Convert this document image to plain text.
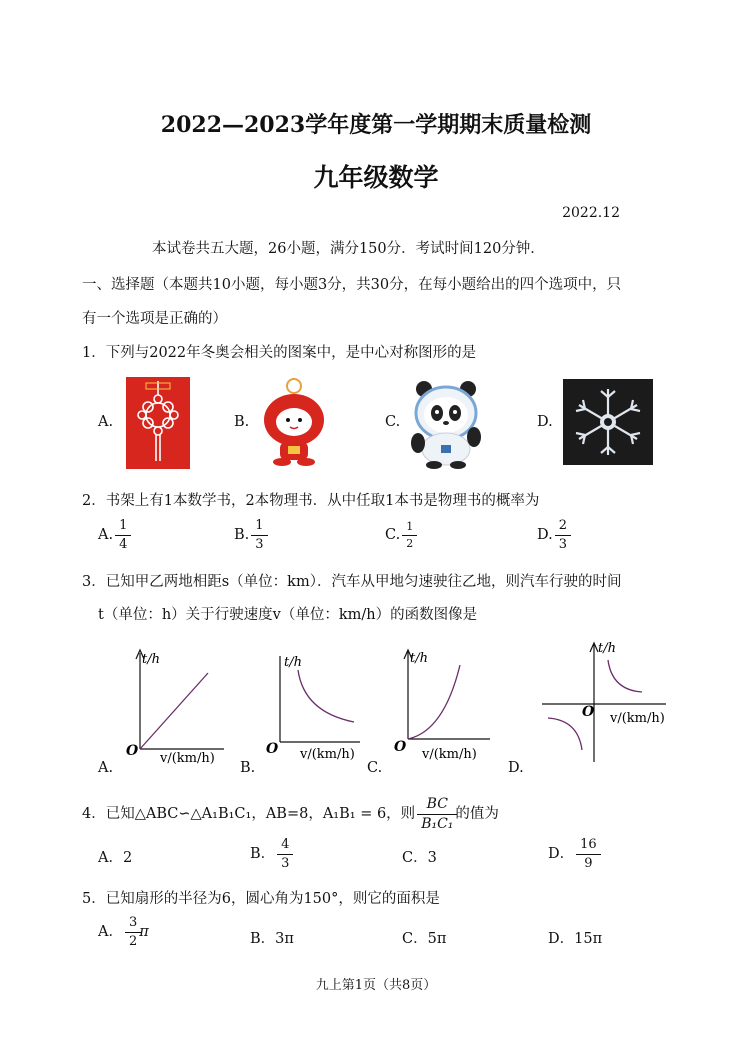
2022—2023学年度第一学期期末质量检测
九年级数学
2022.12
本试卷共五大题，26小题，满分150分．考试时间120分钟．
一、选择题（本题共10小题，每小题3分，共30分，在每小题给出的四个选项中，只
有一个选项是正确的）
1．下列与2022年冬奥会相关的图案中，是中心对称图形的是
A.	B.	C.	D.
2．书架上有1本数学书，2本物理书．从中任取1本书是物理书的概率为
A. $\frac{1}{4}$	B. $\frac{1}{3}$	C. $\frac{1}{2}$	D. $\frac{2}{3}$
3．已知甲乙两地相距s（单位：km）．汽车从甲地匀速驶往乙地，则汽车行驶的时间
t（单位：h）关于行驶速度v（单位：km/h）的函数图像是
t/h
v/(km/h)
O
A.
t/h
v/(km/h)
O
B.
t/h
v/(km/h)
O
C.
t/h
v/(km/h)
O
D.
4．已知△ABC∽△A₁B₁C₁，AB=8，A₁B₁ = 6，则 $\frac{BC}{\text{B₁C₁}}$ 的值为
A．2	B． $\frac{4}{3}$	C．3	D． $\frac{16}{9}$
5．已知扇形的半径为6，圆心角为150°，则它的面积是
A． $\frac{3}{2}$ π	B．3π	C．5π	D．15π
九上第1页（共8页）
